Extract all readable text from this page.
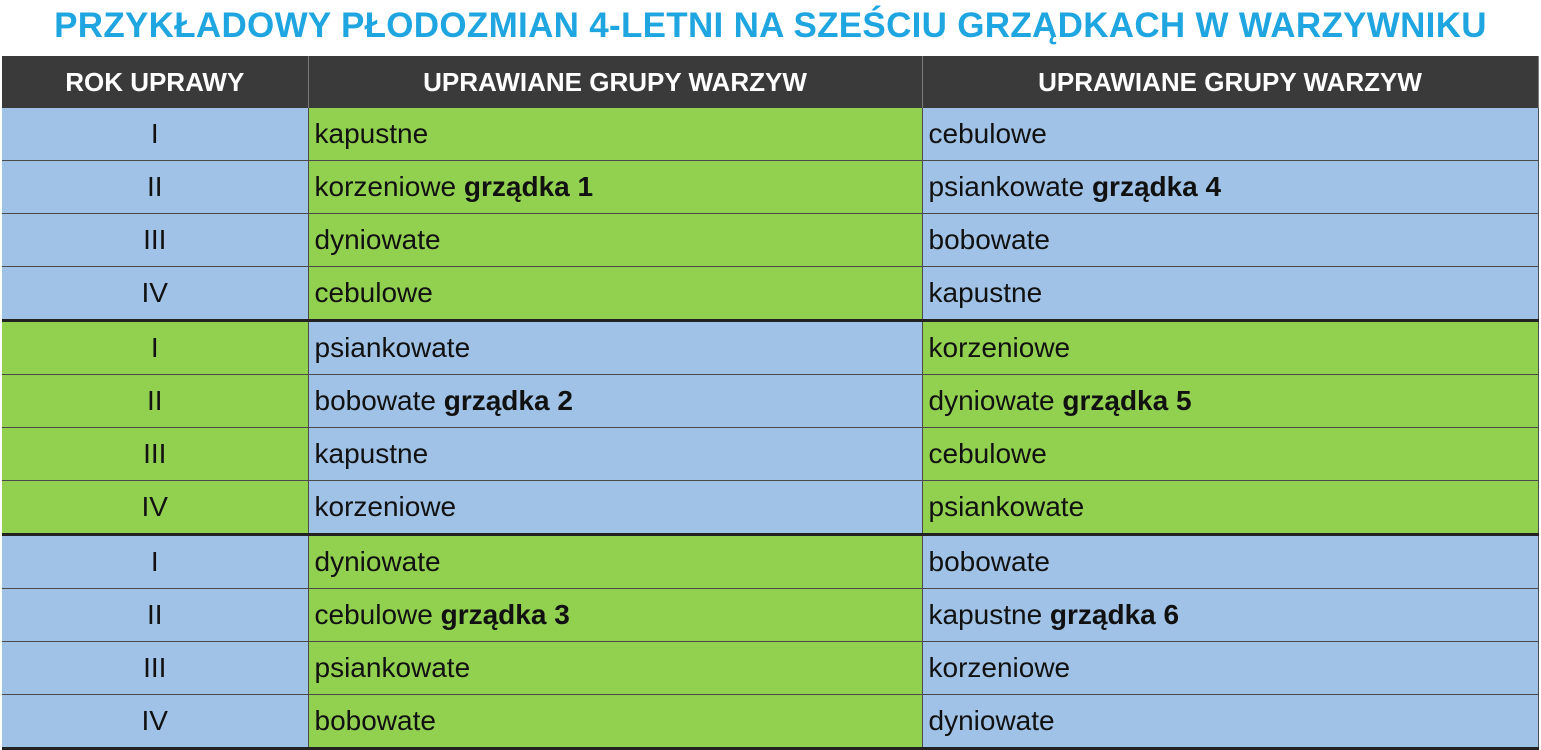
PRZYKŁADOWY PŁODOZMIAN 4-LETNI NA SZEŚCIU GRZĄDKACH W WARZYWNIKU
ROK UPRAWY	UPRAWIANE GRUPY WARZYW	UPRAWIANE GRUPY WARZYW
I	kapustne	cebulowe
II	korzeniowe grządka 1	psiankowate grządka 4
III	dyniowate	bobowate
IV	cebulowe	kapustne
I	psiankowate	korzeniowe
II	bobowate grządka 2	dyniowate grządka 5
III	kapustne	cebulowe
IV	korzeniowe	psiankowate
I	dyniowate	bobowate
II	cebulowe grządka 3	kapustne grządka 6
III	psiankowate	korzeniowe
IV	bobowate	dyniowate
